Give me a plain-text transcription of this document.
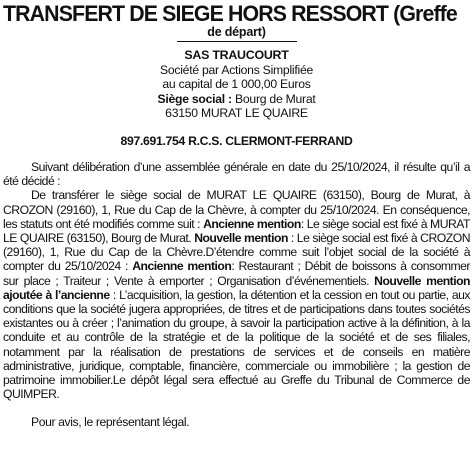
TRANSFERT DE SIEGE HORS RESSORT (Greffe
de départ)
SAS TRAUCOURT
Société par Actions Simplifiée
au capital de 1 000,00 Euros
Siège social : Bourg de Murat
63150 MURAT LE QUAIRE
897.691.754 R.C.S. CLERMONT-FERRAND

Suivant délibération d’une assemblée générale en date du 25/10/2024, il résulte qu’il a été décidé :

De transférer le siège social de MURAT LE QUAIRE (63150), Bourg de Murat, à CROZON (29160), 1, Rue du Cap de la Chèvre, à compter du 25/10/2024. En conséquence, les statuts ont été modifiés comme suit : Ancienne mention: Le siège social est fixé à MURAT LE QUAIRE (63150), Bourg de Murat. Nouvelle mention : Le siège social est fixé à CROZON (29160), 1, Rue du Cap de la Chèvre.D’étendre comme suit l’objet social de la société à compter du 25/10/2024 : Ancienne mention: Restaurant ; Débit de boissons à consommer sur place ; Traiteur ; Vente à emporter ; Organisation d’événementiels. Nouvelle mention ajoutée à l’ancienne : L’acquisition, la gestion, la détention et la cession en tout ou partie, aux conditions que la société jugera appropriées, de titres et de participations dans toutes sociétés existantes ou à créer ; l’animation du groupe, à savoir la participation active à la définition, à la conduite et au contrôle de la stratégie et de la politique de la société et de ses filiales, notamment par la réalisation de prestations de services et de conseils en matière administrative, juridique, comptable, financière, commerciale ou immobilière ; la gestion de patrimoine immobilier.Le dépôt légal sera effectué au Greffe du Tribunal de Commerce de QUIMPER.

Pour avis, le représentant légal.
